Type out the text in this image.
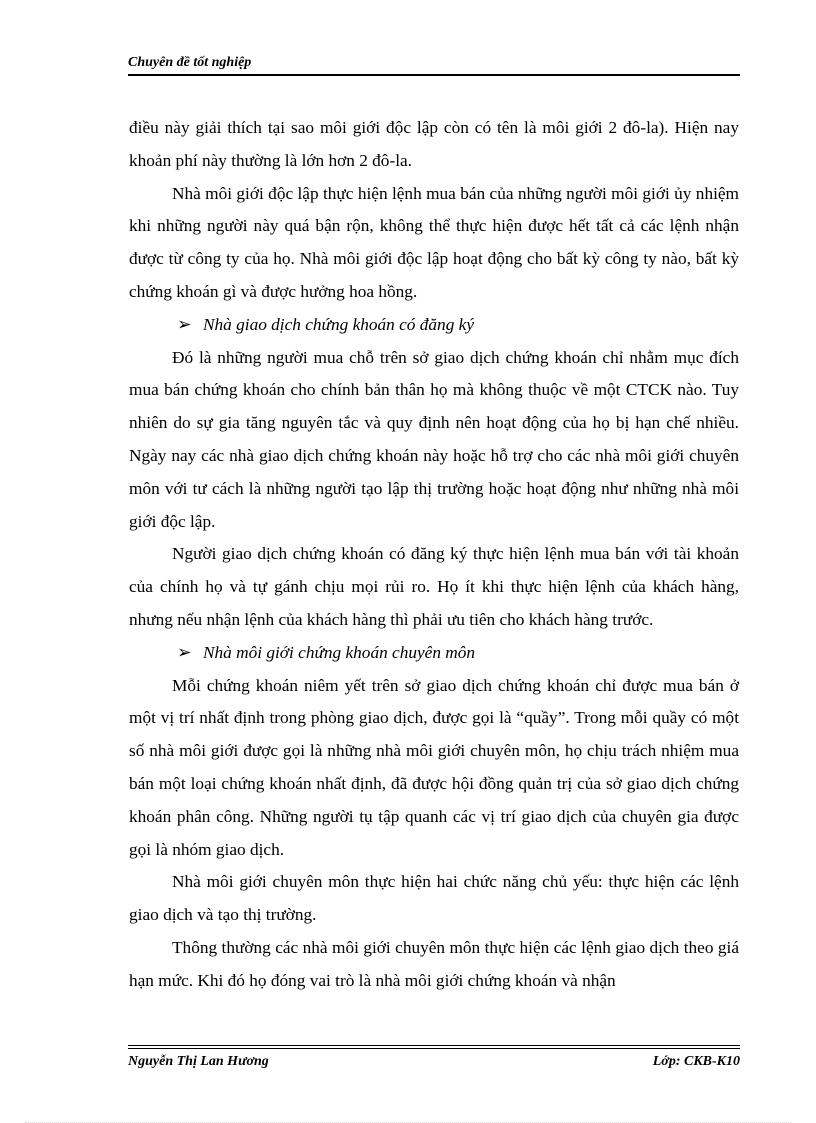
Chuyên đề tốt nghiệp

điều này giải thích tại sao môi giới độc lập còn có tên là môi giới 2 đô-la). Hiện nay khoản phí này thường là lớn hơn 2 đô-la.

Nhà môi giới độc lập thực hiện lệnh mua bán của những người môi giới ủy nhiệm khi những người này quá bận rộn, không thể thực hiện được hết tất cả các lệnh nhận được từ công ty của họ. Nhà môi giới độc lập hoạt động cho bất kỳ công ty nào, bất kỳ chứng khoán gì và được hưởng hoa hồng.

➢ Nhà giao dịch chứng khoán có đăng ký

Đó là những người mua chỗ trên sở giao dịch chứng khoán chỉ nhằm mục đích mua bán chứng khoán cho chính bản thân họ mà không thuộc về một CTCK nào. Tuy nhiên do sự gia tăng nguyên tắc và quy định nên hoạt động của họ bị hạn chế nhiều. Ngày nay các nhà giao dịch chứng khoán này hoặc hỗ trợ cho các nhà môi giới chuyên môn với tư cách là những người tạo lập thị trường hoặc hoạt động như những nhà môi giới độc lập.

Người giao dịch chứng khoán có đăng ký thực hiện lệnh mua bán với tài khoản của chính họ và tự gánh chịu mọi rủi ro. Họ ít khi thực hiện lệnh của khách hàng, nhưng nếu nhận lệnh của khách hàng thì phải ưu tiên cho khách hàng trước.

➢ Nhà môi giới chứng khoán chuyên môn

Mỗi chứng khoán niêm yết trên sở giao dịch chứng khoán chỉ được mua bán ở một vị trí nhất định trong phòng giao dịch, được gọi là “quầy”. Trong mỗi quầy có một số nhà môi giới được gọi là những nhà môi giới chuyên môn, họ chịu trách nhiệm mua bán một loại chứng khoán nhất định, đã được hội đồng quản trị của sở giao dịch chứng khoán phân công. Những người tụ tập quanh các vị trí giao dịch của chuyên gia được gọi là nhóm giao dịch.

Nhà môi giới chuyên môn thực hiện hai chức năng chủ yếu: thực hiện các lệnh giao dịch và tạo thị trường.

Thông thường các nhà môi giới chuyên môn thực hiện các lệnh giao dịch theo giá hạn mức. Khi đó họ đóng vai trò là nhà môi giới chứng khoán và nhận

Nguyễn Thị Lan Hương	Lớp: CKB-K10
